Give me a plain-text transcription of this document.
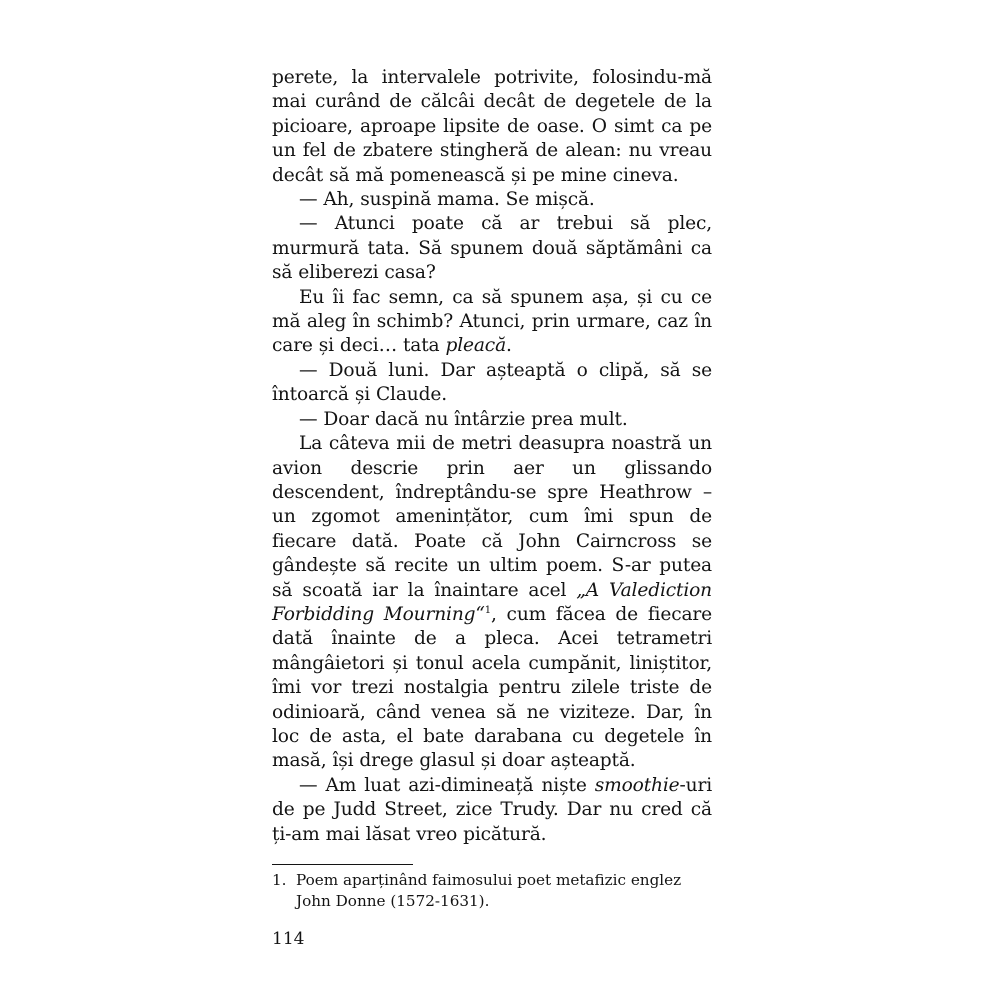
perete, la intervalele potrivite, folosindu-mă mai curând de călcâi decât de degetele de la picioare, aproape lipsite de oase. O simt ca pe un fel de zbatere stingheră de alean: nu vreau decât să mă pomenească și pe mine cineva.

— Ah, suspină mama. Se mișcă.

— Atunci poate că ar trebui să plec, murmură tata. Să spunem două săptămâni ca să eliberezi casa?

Eu îi fac semn, ca să spunem așa, și cu ce mă aleg în schimb? Atunci, prin urmare, caz în care și deci… tata pleacă.

— Două luni. Dar așteaptă o clipă, să se întoarcă și Claude.

— Doar dacă nu întârzie prea mult.

La câteva mii de metri deasupra noastră un avion descrie prin aer un glissando descendent, îndreptându-se spre Heathrow – un zgomot amenințător, cum îmi spun de fiecare dată. Poate că John Cairncross se gândește să recite un ultim poem. S-ar putea să scoată iar la înaintare acel „A Valediction Forbidding Mourning“$^1$, cum făcea de fiecare dată înainte de a pleca. Acei tetrametri mângâietori și tonul acela cumpănit, liniștitor, îmi vor trezi nostalgia pentru zilele triste de odinioară, când venea să ne viziteze. Dar, în loc de asta, el bate darabana cu degetele în masă, își drege glasul și doar așteaptă.

— Am luat azi-dimineață niște smoothie-uri de pe Judd Street, zice Trudy. Dar nu cred că ți-am mai lăsat vreo picătură.

1. Poem aparținând faimosului poet metafizic englez John Donne (1572-1631).
114
